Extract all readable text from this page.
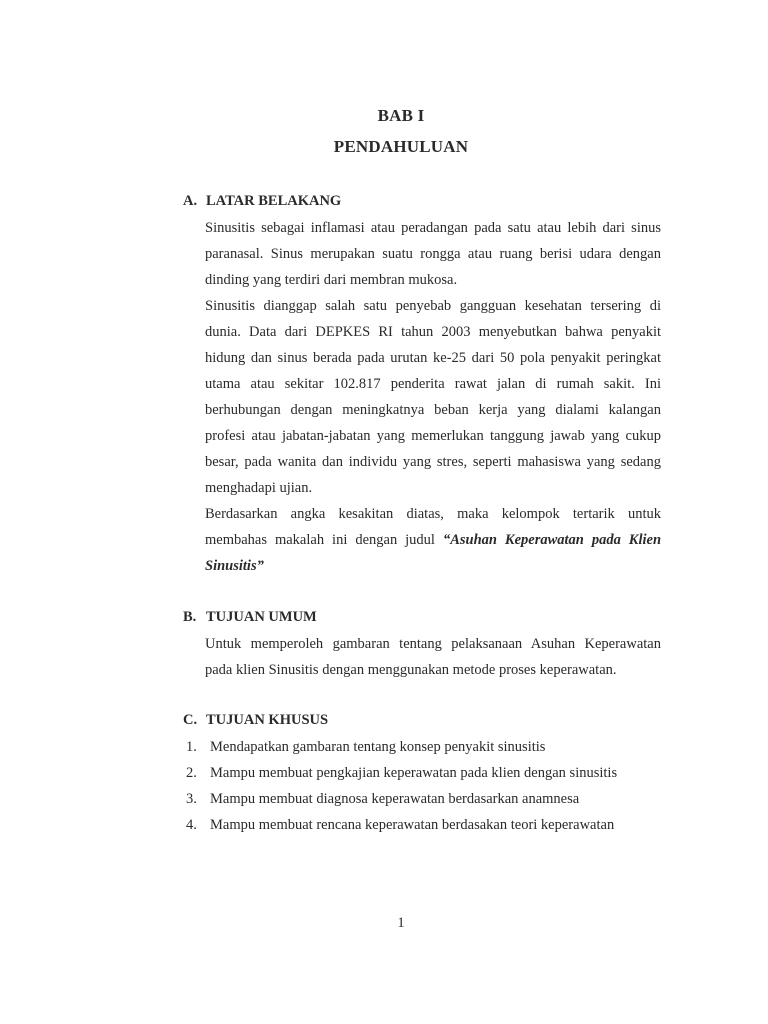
BAB I
PENDAHULUAN
A. LATAR BELAKANG
Sinusitis sebagai inflamasi atau peradangan pada satu atau lebih dari sinus
paranasal. Sinus merupakan suatu rongga atau ruang berisi udara dengan
dinding yang terdiri dari membran mukosa.
Sinusitis dianggap salah satu penyebab gangguan kesehatan tersering di
dunia. Data dari DEPKES RI tahun 2003 menyebutkan bahwa penyakit
hidung dan sinus berada pada urutan ke-25 dari 50 pola penyakit peringkat
utama atau sekitar 102.817 penderita rawat jalan di rumah sakit. Ini
berhubungan dengan meningkatnya beban kerja yang dialami kalangan
profesi atau jabatan-jabatan yang memerlukan tanggung jawab yang cukup
besar, pada wanita dan individu yang stres, seperti mahasiswa yang sedang
menghadapi ujian.
Berdasarkan angka kesakitan diatas, maka kelompok tertarik untuk
membahas makalah ini dengan judul “Asuhan Keperawatan pada Klien
Sinusitis”
B. TUJUAN UMUM
Untuk memperoleh gambaran tentang pelaksanaan Asuhan Keperawatan
pada klien Sinusitis dengan menggunakan metode proses keperawatan.
C. TUJUAN KHUSUS
1. Mendapatkan gambaran tentang konsep penyakit sinusitis
2. Mampu membuat pengkajian keperawatan pada klien dengan sinusitis
3. Mampu membuat diagnosa keperawatan berdasarkan anamnesa
4. Mampu membuat rencana keperawatan berdasakan teori keperawatan
1
